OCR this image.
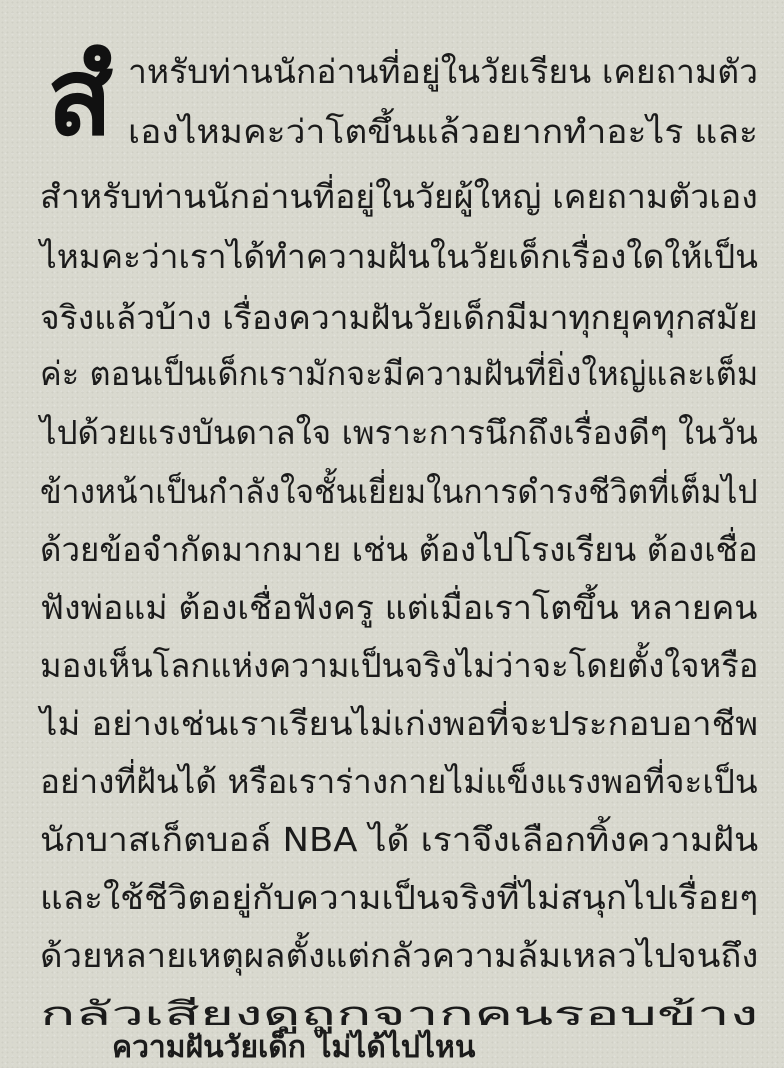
สํ าหรับท่านนักอ่านที่อยู่ในวัยเรียน เคยถามตัว
เองไหมคะว่าโตขึ้นแล้วอยากทำอะไร และ
สำหรับท่านนักอ่านที่อยู่ในวัยผู้ใหญ่ เคยถามตัวเอง
ไหมคะว่าเราได้ทำความฝันในวัยเด็กเรื่องใดให้เป็น
จริงแล้วบ้าง เรื่องความฝันวัยเด็กมีมาทุกยุคทุกสมัย
ค่ะ ตอนเป็นเด็กเรามักจะมีความฝันที่ยิ่งใหญ่และเต็ม
ไปด้วยแรงบันดาลใจ เพราะการนึกถึงเรื่องดีๆ ในวัน
ข้างหน้าเป็นกำลังใจชั้นเยี่ยมในการดำรงชีวิตที่เต็มไป
ด้วยข้อจำกัดมากมาย เช่น ต้องไปโรงเรียน ต้องเชื่อ
ฟังพ่อแม่ ต้องเชื่อฟังครู แต่เมื่อเราโตขึ้น หลายคน
มองเห็นโลกแห่งความเป็นจริงไม่ว่าจะโดยตั้งใจหรือ
ไม่ อย่างเช่นเราเรียนไม่เก่งพอที่จะประกอบอาชีพ
อย่างที่ฝันได้ หรือเราร่างกายไม่แข็งแรงพอที่จะเป็น
นักบาสเก็ตบอล์ NBA ได้ เราจึงเลือกทิ้งความฝัน
และใช้ชีวิตอยู่กับความเป็นจริงที่ไม่สนุกไปเรื่อยๆ
ด้วยหลายเหตุผลตั้งแต่กลัวความล้มเหลวไปจนถึง
กลัวเสียงดูถูกจากคนรอบข้าง
ความฝันวัยเด็ก ไม่ได้ไปไหน
